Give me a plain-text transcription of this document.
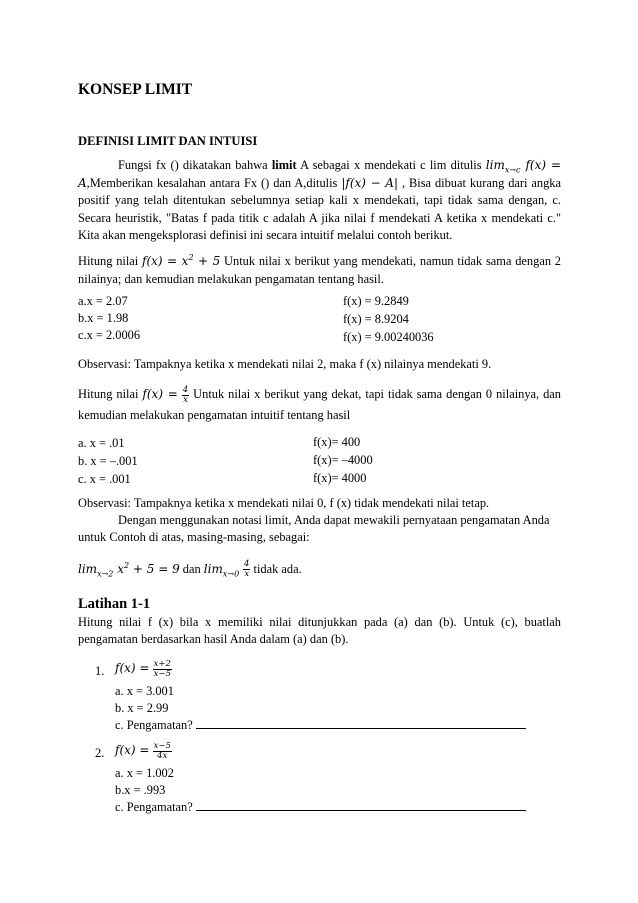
KONSEP LIMIT
DEFINISI LIMIT DAN INTUISI
Fungsi fx () dikatakan bahwa limit A sebagai x mendekati c lim ditulis $\lim_{x\to c} f(x)$ = A,Memberikan kesalahan antara Fx () dan A,ditulis |f(x) − A| , Bisa dibuat kurang dari angka positif yang telah ditentukan sebelumnya setiap kali x mendekati, tapi tidak sama dengan, c. Secara heuristik, "Batas f pada titik c adalah A jika nilai f mendekati A ketika x mendekati c." Kita akan mengeksplorasi definisi ini secara intuitif melalui contoh berikut.
Hitung nilai $f(x) = x^2 + 5$ Untuk nilai x berikut yang mendekati, namun tidak sama dengan 2 nilainya; dan kemudian melakukan pengamatan tentang hasil.
a.x = 2.07
b.x = 1.98
c.x = 2.0006
f(x) = 9.2849
f(x) = 8.9204
f(x) = 9.00240036
Observasi: Tampaknya ketika x mendekati nilai 2, maka f (x) nilainya mendekati 9.
Hitung nilai $f(x) = \frac{4}{x}$ Untuk nilai x berikut yang dekat, tapi tidak sama dengan 0 nilainya, dan kemudian melakukan pengamatan intuitif tentang hasil
a. x = .01
b. x = –.001
c. x = .001
f(x)= 400
f(x)= –4000
f(x)= 4000
Observasi: Tampaknya ketika x mendekati nilai 0, f (x) tidak mendekati nilai tetap.
Dengan menggunakan notasi limit, Anda dapat mewakili pernyataan pengamatan Anda untuk Contoh di atas, masing-masing, sebagai:
$\lim_{x\to 2} x^2 + 5 = 9$ dan $\lim_{x\to 0} \frac{4}{x}$ tidak ada.
Latihan 1-1
Hitung nilai f (x) bila x memiliki nilai ditunjukkan pada (a) dan (b). Untuk (c), buatlah pengamatan berdasarkan hasil Anda dalam (a) dan (b).
1. $f(x) = \frac{x+2}{x-5}$
a. x = 3.001
b. x = 2.99
c. Pengamatan?
2. $f(x) = \frac{x-5}{4x}$
a. x = 1.002
b.x = .993
c. Pengamatan?
